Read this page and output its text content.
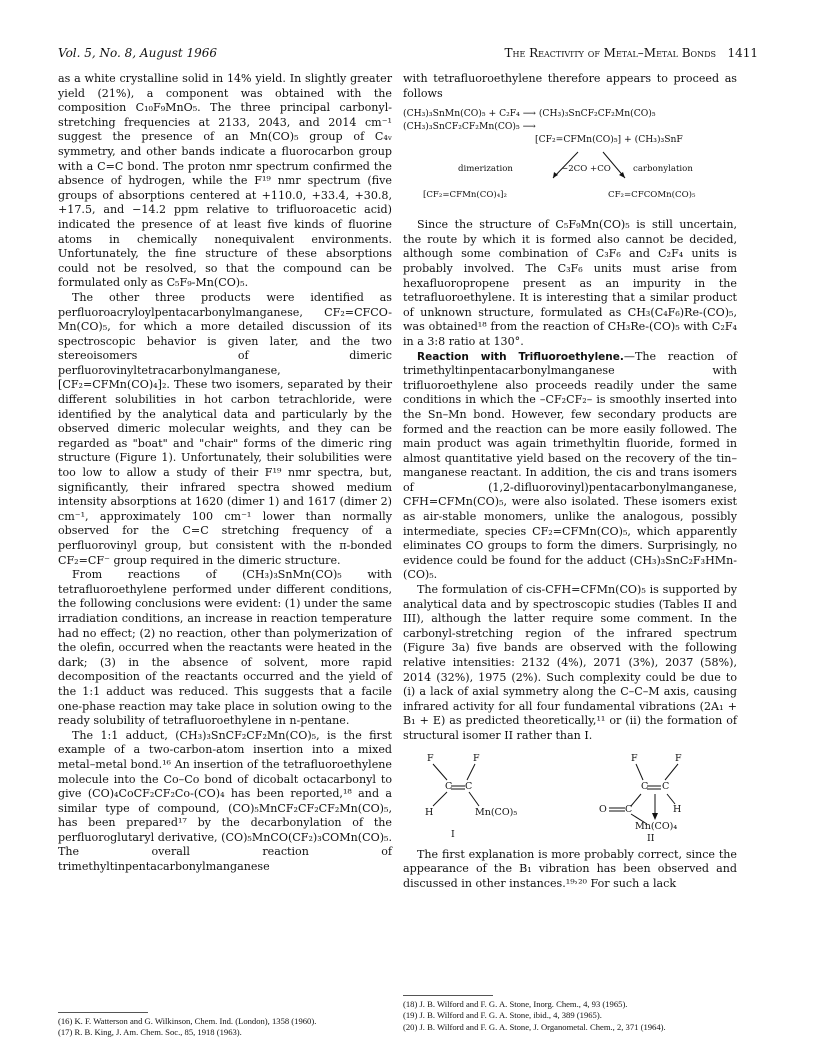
Vol. 5, No. 8, August 1966	The Reactivity of Metal–Metal Bonds 1411

as a white crystalline solid in 14% yield. In slightly greater yield (21%), a component was obtained with the composition C₁₀F₉MnO₅. The three principal carbonyl-stretching frequencies at 2133, 2043, and 2014 cm⁻¹ suggest the presence of an Mn(CO)₅ group of C₄ᵥ symmetry, and other bands indicate a fluorocarbon group with a C=C bond. The proton nmr spectrum confirmed the absence of hydrogen, while the F¹⁹ nmr spectrum (five groups of absorptions centered at +110.0, +33.4, +30.8, +17.5, and −14.2 ppm relative to trifluoroacetic acid) indicated the presence of at least five kinds of fluorine atoms in chemically nonequivalent environments. Unfortunately, the fine structure of these absorptions could not be resolved, so that the compound can be formulated only as C₅F₉-Mn(CO)₅.

The other three products were identified as perfluoroacryloylpentacarbonylmanganese, CF₂=CFCO-Mn(CO)₅, for which a more detailed discussion of its spectroscopic behavior is given later, and the two stereoisomers of dimeric perfluorovinyltetracarbonylmanganese, [CF₂=CFMn(CO)₄]₂. These two isomers, separated by their different solubilities in hot carbon tetrachloride, were identified by the analytical data and particularly by the observed dimeric molecular weights, and they can be regarded as "boat" and "chair" forms of the dimeric ring structure (Figure 1). Unfortunately, their solubilities were too low to allow a study of their F¹⁹ nmr spectra, but, significantly, their infrared spectra showed medium intensity absorptions at 1620 (dimer 1) and 1617 (dimer 2) cm⁻¹, approximately 100 cm⁻¹ lower than normally observed for the C=C stretching frequency of a perfluorovinyl group, but consistent with the π-bonded CF₂=CF⁻ group required in the dimeric structure.

From reactions of (CH₃)₃SnMn(CO)₅ with tetrafluoroethylene performed under different conditions, the following conclusions were evident: (1) under the same irradiation conditions, an increase in reaction temperature had no effect; (2) no reaction, other than polymerization of the olefin, occurred when the reactants were heated in the dark; (3) in the absence of solvent, more rapid decomposition of the reactants occurred and the yield of the 1:1 adduct was reduced. This suggests that a facile one-phase reaction may take place in solution owing to the ready solubility of tetrafluoroethylene in n-pentane.

The 1:1 adduct, (CH₃)₃SnCF₂CF₂Mn(CO)₅, is the first example of a two-carbon-atom insertion into a mixed metal–metal bond.¹⁶ An insertion of the tetrafluoroethylene molecule into the Co–Co bond of dicobalt octacarbonyl to give (CO)₄CoCF₂CF₂Co-(CO)₄ has been reported,¹⁸ and a similar type of compound, (CO)₅MnCF₂CF₂CF₂Mn(CO)₅, has been prepared¹⁷ by the decarbonylation of the perfluoroglutaryl derivative, (CO)₅MnCO(CF₂)₃COMn(CO)₅. The overall reaction of trimethyltinpentacarbonylmanganese

with tetrafluoroethylene therefore appears to proceed as follows

(CH₃)₃SnMn(CO)₅ + C₂F₄ ⟶ (CH₃)₃SnCF₂CF₂Mn(CO)₅
(CH₃)₃SnCF₂CF₂Mn(CO)₅ ⟶
[CF₂=CFMn(CO)₅] + (CH₃)₃SnF
dimerization	−2CO +CO	carbonylation
[CF₂=CFMn(CO)₄]₂	CF₂=CFCOMn(CO)₅

Since the structure of C₅F₉Mn(CO)₅ is still uncertain, the route by which it is formed also cannot be decided, although some combination of C₃F₆ and C₂F₄ units is probably involved. The C₃F₆ units must arise from hexafluoropropene present as an impurity in the tetrafluoroethylene. It is interesting that a similar product of unknown structure, formulated as CH₃(C₄F₆)Re-(CO)₅, was obtained¹⁸ from the reaction of CH₃Re-(CO)₅ with C₂F₄ in a 3:8 ratio at 130°.

Reaction with Trifluoroethylene.—The reaction of trimethyltinpentacarbonylmanganese with trifluoroethylene also proceeds readily under the same conditions in which the –CF₂CF₂– is smoothly inserted into the Sn–Mn bond. However, few secondary products are formed and the reaction can be more easily followed. The main product was again trimethyltin fluoride, formed in almost quantitative yield based on the recovery of the tin–manganese reactant. In addition, the cis and trans isomers of (1,2-difluorovinyl)pentacarbonylmanganese, CFH=CFMn(CO)₅, were also isolated. These isomers exist as air-stable monomers, unlike the analogous, possibly intermediate, species CF₂=CFMn(CO)₅, which apparently eliminates CO groups to form the dimers. Surprisingly, no evidence could be found for the adduct (CH₃)₃SnC₂F₃HMn-(CO)₅.

The formulation of cis-CFH=CFMn(CO)₅ is supported by analytical data and by spectroscopic studies (Tables II and III), although the latter require some comment. In the carbonyl-stretching region of the infrared spectrum (Figure 3a) five bands are observed with the following relative intensities: 2132 (4%), 2071 (3%), 2037 (58%), 2014 (32%), 1975 (2%). Such complexity could be due to (i) a lack of axial symmetry along the C–C–M axis, causing infrared activity for all four fundamental vibrations (2A₁ + B₁ + E) as predicted theoretically,¹¹ or (ii) the formation of structural isomer II rather than I.

F	F
C C
H	Mn(CO)₅
I
F	F
C C
O C	H
Mn(CO)₄
II

The first explanation is more probably correct, since the appearance of the B₁ vibration has been observed and discussed in other instances.¹⁹˒²⁰ For such a lack

(16) K. F. Watterson and G. Wilkinson, Chem. Ind. (London), 1358 (1960).
(17) R. B. King, J. Am. Chem. Soc., 85, 1918 (1963).
(18) J. B. Wilford and F. G. A. Stone, Inorg. Chem., 4, 93 (1965).
(19) J. B. Wilford and F. G. A. Stone, ibid., 4, 389 (1965).
(20) J. B. Wilford and F. G. A. Stone, J. Organometal. Chem., 2, 371 (1964).
